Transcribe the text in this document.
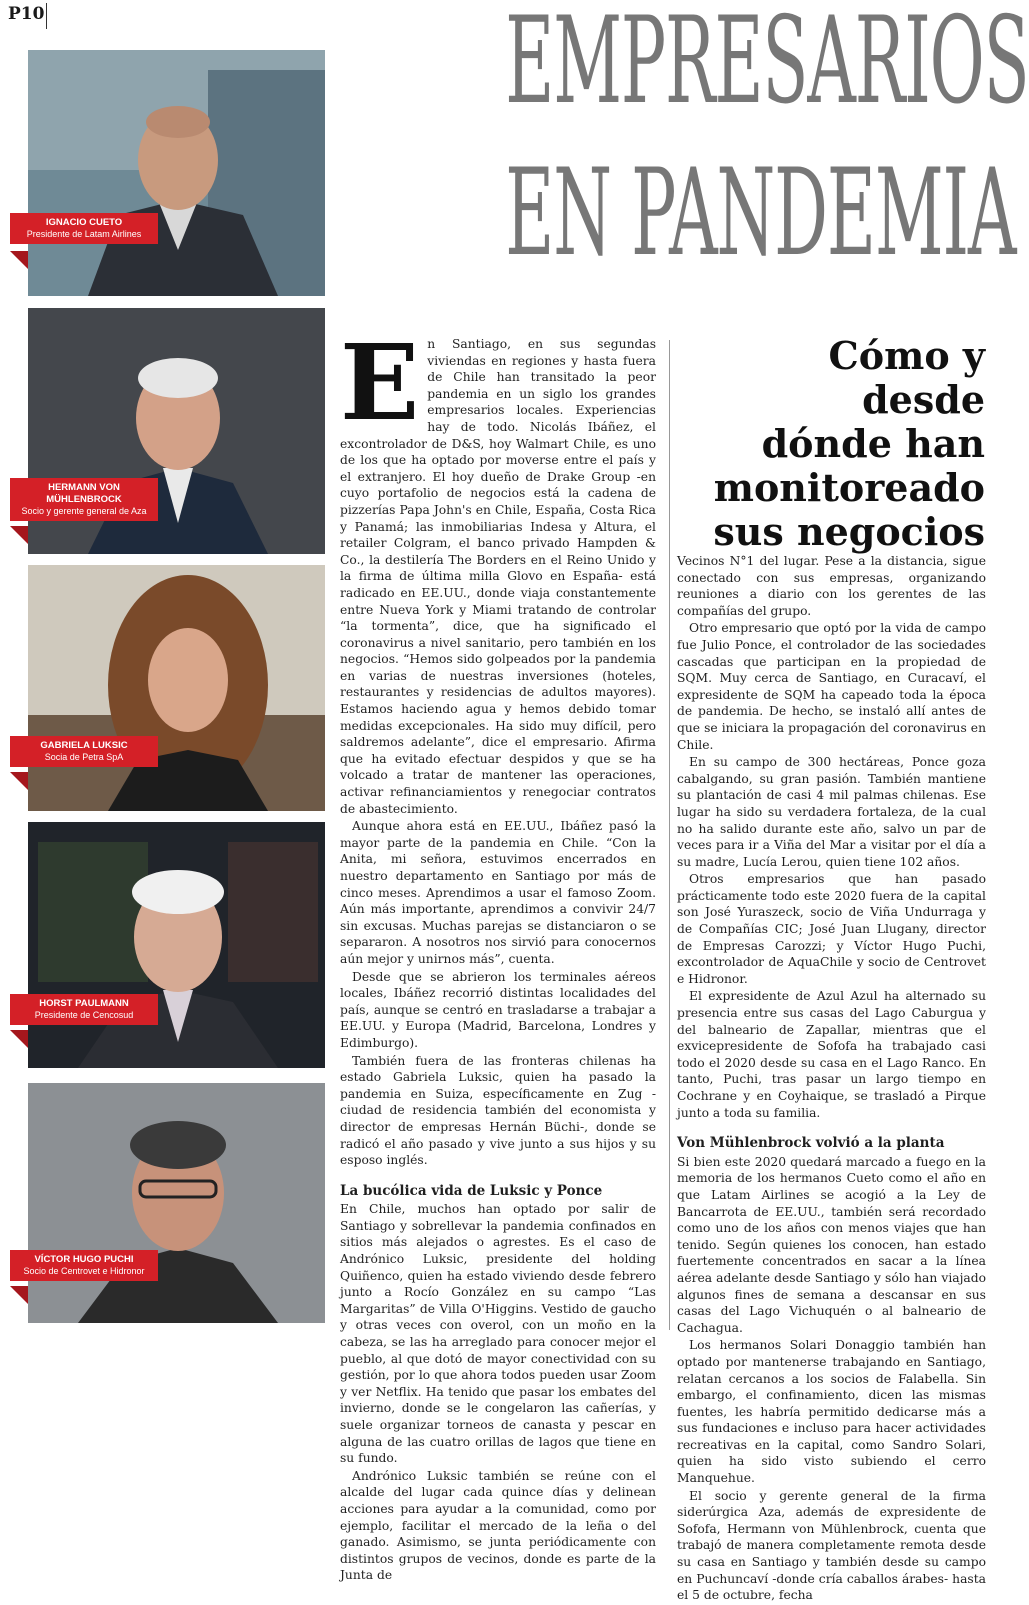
P10	EMPRESARIOS
EN PANDEMIA
IGNACIO CUETO
Presidente de Latam Airlines
HERMANN VON MÜHLENBROCK
Socio y gerente general de Aza
GABRIELA LUKSIC
Socia de Petra SpA
HORST PAULMANN
Presidente de Cencosud
VÍCTOR HUGO PUCHI
Socio de Centrovet e Hidronor

En Santiago, en sus segundas viviendas en regiones y hasta fuera de Chile han transitado la peor pandemia en un siglo los grandes empresarios locales. Experiencias hay de todo. Nicolás Ibáñez, el excontrolador de D&S, hoy Walmart Chile, es uno de los que ha optado por moverse entre el país y el extranjero. El hoy dueño de Drake Group -en cuyo portafolio de negocios está la cadena de pizzerías Papa John's en Chile, España, Costa Rica y Panamá; las inmobiliarias Indesa y Altura, el retailer Colgram, el banco privado Hampden & Co., la destilería The Borders en el Reino Unido y la firma de última milla Glovo en España- está radicado en EE.UU., donde viaja constantemente entre Nueva York y Miami tratando de controlar “la tormenta”, dice, que ha significado el coronavirus a nivel sanitario, pero también en los negocios. “Hemos sido golpeados por la pandemia en varias de nuestras inversiones (hoteles, restaurantes y residencias de adultos mayores). Estamos haciendo agua y hemos debido tomar medidas excepcionales. Ha sido muy difícil, pero saldremos adelante”, dice el empresario. Afirma que ha evitado efectuar despidos y que se ha volcado a tratar de mantener las operaciones, activar refinanciamientos y renegociar contratos de abastecimiento.

Aunque ahora está en EE.UU., Ibáñez pasó la mayor parte de la pandemia en Chile. “Con la Anita, mi señora, estuvimos encerrados en nuestro departamento en Santiago por más de cinco meses. Aprendimos a usar el famoso Zoom. Aún más importante, aprendimos a convivir 24/7 sin excusas. Muchas parejas se distanciaron o se separaron. A nosotros nos sirvió para conocernos aún mejor y unirnos más”, cuenta.

Desde que se abrieron los terminales aéreos locales, Ibáñez recorrió distintas localidades del país, aunque se centró en trasladarse a trabajar a EE.UU. y Europa (Madrid, Barcelona, Londres y Edimburgo).

También fuera de las fronteras chilenas ha estado Gabriela Luksic, quien ha pasado la pandemia en Suiza, específicamente en Zug -ciudad de residencia también del economista y director de empresas Hernán Büchi-, donde se radicó el año pasado y vive junto a sus hijos y su esposo inglés.

La bucólica vida de Luksic y Ponce

En Chile, muchos han optado por salir de Santiago y sobrellevar la pandemia confinados en sitios más alejados o agrestes. Es el caso de Andrónico Luksic, presidente del holding Quiñenco, quien ha estado viviendo desde febrero junto a Rocío González en su campo “Las Margaritas” de Villa O'Higgins. Vestido de gaucho y otras veces con overol, con un moño en la cabeza, se las ha arreglado para conocer mejor el pueblo, al que dotó de mayor conectividad con su gestión, por lo que ahora todos pueden usar Zoom y ver Netflix. Ha tenido que pasar los embates del invierno, donde se le congelaron las cañerías, y suele organizar torneos de canasta y pescar en alguna de las cuatro orillas de lagos que tiene en su fundo.

Andrónico Luksic también se reúne con el alcalde del lugar cada quince días y delinean acciones para ayudar a la comunidad, como por ejemplo, facilitar el mercado de la leña o del ganado. Asimismo, se junta periódicamente con distintos grupos de vecinos, donde es parte de la Junta de

Cómo y desde
dónde han
monitoreado
sus negocios

Vecinos N°1 del lugar. Pese a la distancia, sigue conectado con sus empresas, organizando reuniones a diario con los gerentes de las compañías del grupo.

Otro empresario que optó por la vida de campo fue Julio Ponce, el controlador de las sociedades cascadas que participan en la propiedad de SQM. Muy cerca de Santiago, en Curacaví, el expresidente de SQM ha capeado toda la época de pandemia. De hecho, se instaló allí antes de que se iniciara la propagación del coronavirus en Chile.

En su campo de 300 hectáreas, Ponce goza cabalgando, su gran pasión. También mantiene su plantación de casi 4 mil palmas chilenas. Ese lugar ha sido su verdadera fortaleza, de la cual no ha salido durante este año, salvo un par de veces para ir a Viña del Mar a visitar por el día a su madre, Lucía Lerou, quien tiene 102 años.

Otros empresarios que han pasado prácticamente todo este 2020 fuera de la capital son José Yuraszeck, socio de Viña Undurraga y de Compañías CIC; José Juan Llugany, director de Empresas Carozzi; y Víctor Hugo Puchi, excontrolador de AquaChile y socio de Centrovet e Hidronor.

El expresidente de Azul Azul ha alternado su presencia entre sus casas del Lago Caburgua y del balneario de Zapallar, mientras que el exvicepresidente de Sofofa ha trabajado casi todo el 2020 desde su casa en el Lago Ranco. En tanto, Puchi, tras pasar un largo tiempo en Cochrane y en Coyhaique, se trasladó a Pirque junto a toda su familia.

Von Mühlenbrock volvió a la planta

Si bien este 2020 quedará marcado a fuego en la memoria de los hermanos Cueto como el año en que Latam Airlines se acogió a la Ley de Bancarrota de EE.UU., también será recordado como uno de los años con menos viajes que han tenido. Según quienes los conocen, han estado fuertemente concentrados en sacar a la línea aérea adelante desde Santiago y sólo han viajado algunos fines de semana a descansar en sus casas del Lago Vichuquén o al balneario de Cachagua.

Los hermanos Solari Donaggio también han optado por mantenerse trabajando en Santiago, relatan cercanos a los socios de Falabella. Sin embargo, el confinamiento, dicen las mismas fuentes, les habría permitido dedicarse más a sus fundaciones e incluso para hacer actividades recreativas en la capital, como Sandro Solari, quien ha sido visto subiendo el cerro Manquehue.

El socio y gerente general de la firma siderúrgica Aza, además de expresidente de Sofofa, Hermann von Mühlenbrock, cuenta que trabajó de manera completamente remota desde su casa en Santiago y también desde su campo en Puchuncaví -donde cría caballos árabes- hasta el 5 de octubre, fecha
